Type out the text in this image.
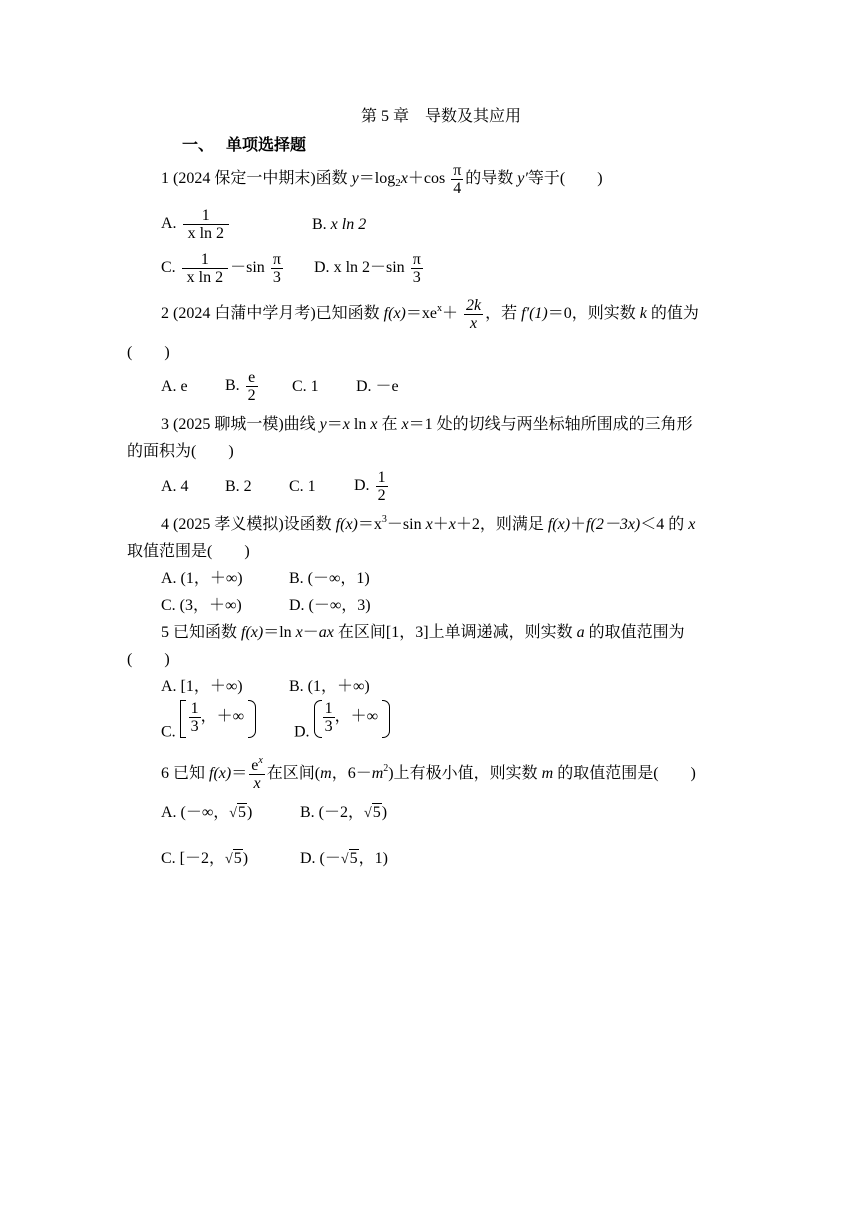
第 5 章 导数及其应用
一、 单项选择题
1 (2024 保定一中期末)函数 $y=\log_2x+\cos \frac{\pi}{4}$ 的导数 y′等于(　　)
A. $\frac{1}{\text{x ln 2}}$	B. x ln 2
C. $\frac{1}{\text{x ln 2}} -\sin \frac{\pi}{3} D$. x $\ln 2-\sin \frac{\pi}{3}$
2 (2024 白蒲中学月考)已知函数 $f(x)=xe^x+ \frac{2k}{x}$ ，若 f′(1)＝0，则实数 k 的值为
(　　)
A. e B. $\frac{e}{2} C$. 1 D. －e
3 (2025 聊城一模)曲线 y＝x ln x 在 x＝1 处的切线与两坐标轴所围成的三角形
的面积为(　　)
A. 4 B. 2 C. 1 D. $\frac{1}{2}$
4 (2025 孝义模拟)设函数 $f(x)=x^3-\sin$ x＋x＋2，则满足 f(x)＋f(2－3x)＜4 的 x
取值范围是(　　)
A. (1，＋∞)	B. (－∞，1)
C. (3，＋∞)	D. (－∞，3)
5 已知函数 f(x)＝ln x－ax 在区间[1，3]上单调递减，则实数 a 的取值范围为
(　　)
A. [1，＋∞)	B. (1，＋∞)
C. $\frac{1}{3}$ ，＋∞
D. $\frac{1}{3}$ ，＋∞
6 已知 $f(x)= \frac{e^x}{x}$ 在区间(m，$6-m^2$)上有极小值，则实数 m 的取值范围是(　　)
A. (－∞，√5)	B. (－2，√5)
C. [－2，√5)	D. (－√5，1)
